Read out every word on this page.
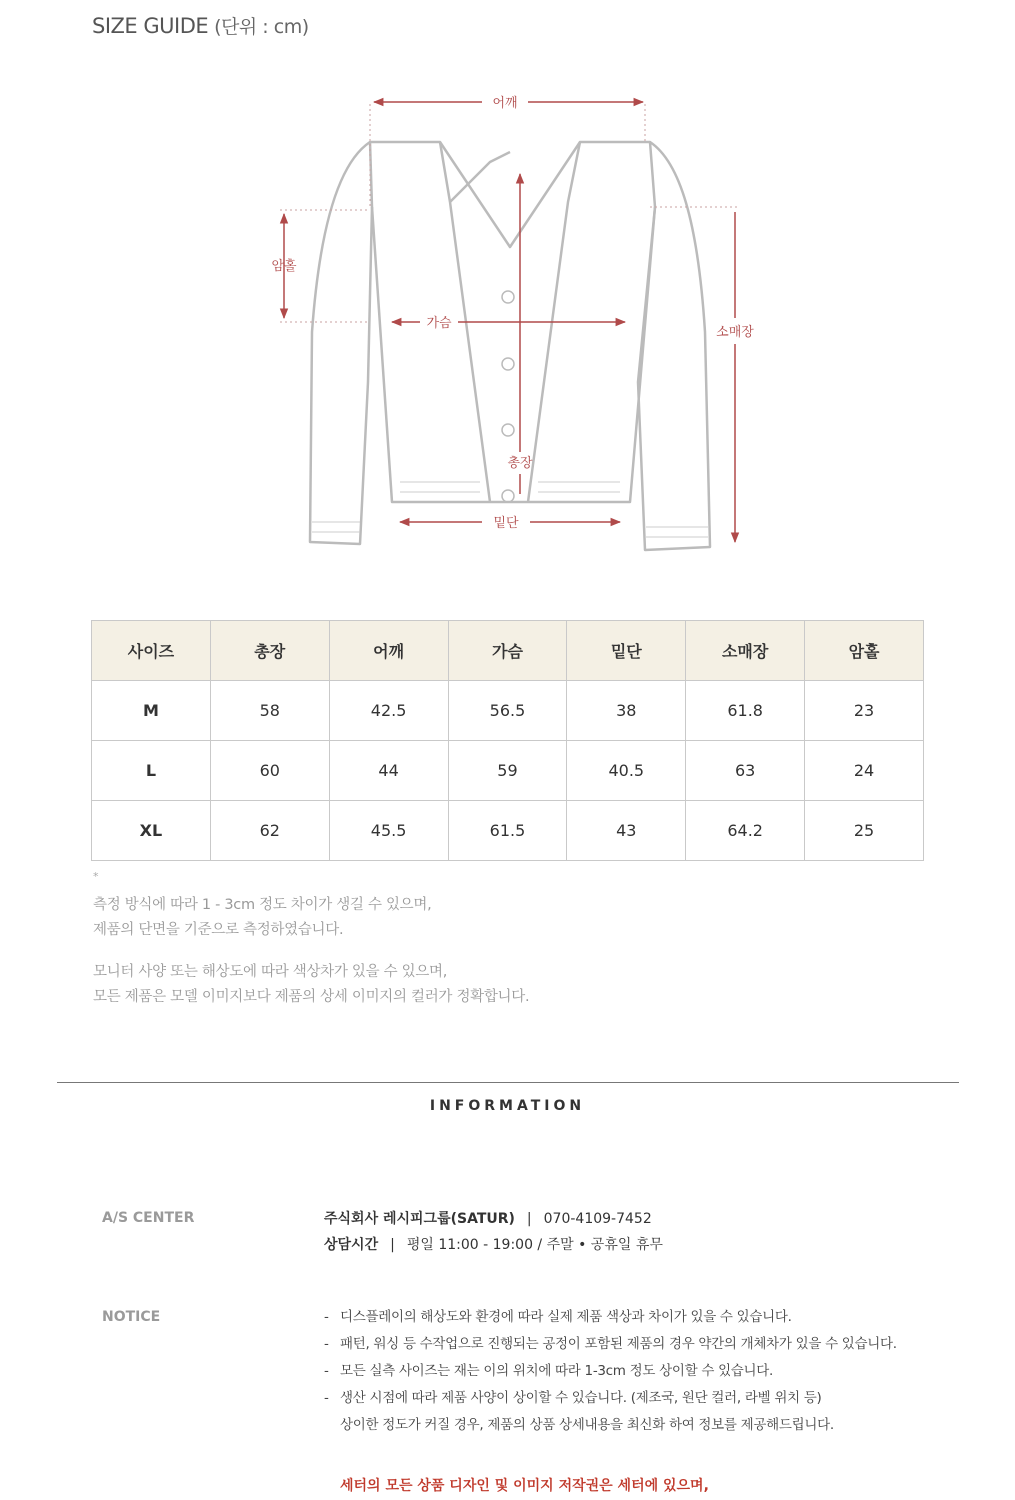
SIZE GUIDE (단위 : cm)
어깨
암홀
가슴
소매장
총장
밑단
사이즈	총장	어깨	가슴	밑단	소매장	암홀
M	58	42.5	56.5	38	61.8	23
L	60	44	59	40.5	63	24
XL	62	45.5	61.5	43	64.2	25
*
측정 방식에 따라 1 - 3cm 정도 차이가 생길 수 있으며,
제품의 단면을 기준으로 측정하였습니다.
모니터 사양 또는 해상도에 따라 색상차가 있을 수 있으며,
모든 제품은 모델 이미지보다 제품의 상세 이미지의 컬러가 정확합니다.
INFORMATION
A/S CENTER	주식회사 레시피그룹(SATUR) | 070-4109-7452
상담시간 | 평일 11:00 - 19:00 / 주말 • 공휴일 휴무
NOTICE	- 디스플레이의 해상도와 환경에 따라 실제 제품 색상과 차이가 있을 수 있습니다.
- 패턴, 워싱 등 수작업으로 진행되는 공정이 포함된 제품의 경우 약간의 개체차가 있을 수 있습니다.
- 모든 실측 사이즈는 재는 이의 위치에 따라 1-3cm 정도 상이할 수 있습니다.
- 생산 시점에 따라 제품 사양이 상이할 수 있습니다. (제조국, 원단 컬러, 라벨 위치 등)
상이한 정도가 커질 경우, 제품의 상품 상세내용을 최신화 하여 정보를 제공해드립니다.
세터의 모든 상품 디자인 및 이미지 저작권은 세터에 있으며,
